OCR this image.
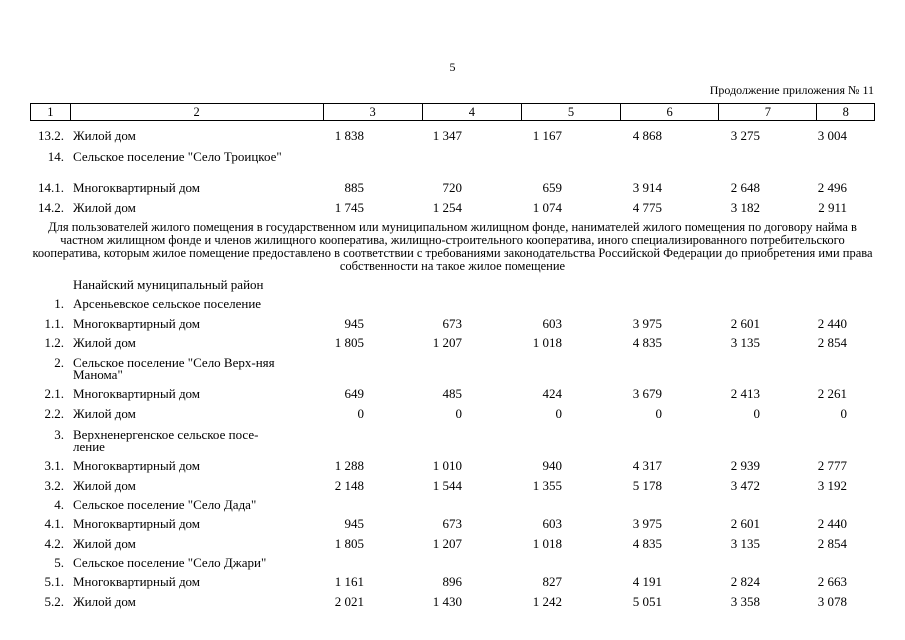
5
Продолжение приложения № 11
1	2	3	4	5	6	7	8
13.2. Жилой дом	1 838	1 347	1 167	4 868	3 275	3 004
14. Сельское поселение "Село Троицкое"
14.1. Многоквартирный дом	885	720	659	3 914	2 648	2 496
14.2. Жилой дом	1 745	1 254	1 074	4 775	3 182	2 911
Для пользователей жилого помещения в государственном или муниципальном жилищном фонде, нанимателей жилого помещения по договору найма в частном жилищном фонде и членов жилищного кооператива, жилищно-строительного кооператива, иного специализированного потребительского кооператива, которым жилое помещение предоставлено в соответствии с требованиями законодательства Российской Федерации до приобретения ими права собственности на такое жилое помещение
Нанайский муниципальный район
1. Арсеньевское сельское поселение
1.1. Многоквартирный дом	945	673	603	3 975	2 601	2 440
1.2. Жилой дом	1 805	1 207	1 018	4 835	3 135	2 854
2. Сельское поселение "Село Верх-няя Манома"
2.1. Многоквартирный дом	649	485	424	3 679	2 413	2 261
2.2. Жилой дом	0	0	0	0	0	0
3. Верхненергенское сельское посе-ление
3.1. Многоквартирный дом	1 288	1 010	940	4 317	2 939	2 777
3.2. Жилой дом	2 148	1 544	1 355	5 178	3 472	3 192
4. Сельское поселение "Село Дада"
4.1. Многоквартирный дом	945	673	603	3 975	2 601	2 440
4.2. Жилой дом	1 805	1 207	1 018	4 835	3 135	2 854
5. Сельское поселение "Село Джари"
5.1. Многоквартирный дом	1 161	896	827	4 191	2 824	2 663
5.2. Жилой дом	2 021	1 430	1 242	5 051	3 358	3 078
